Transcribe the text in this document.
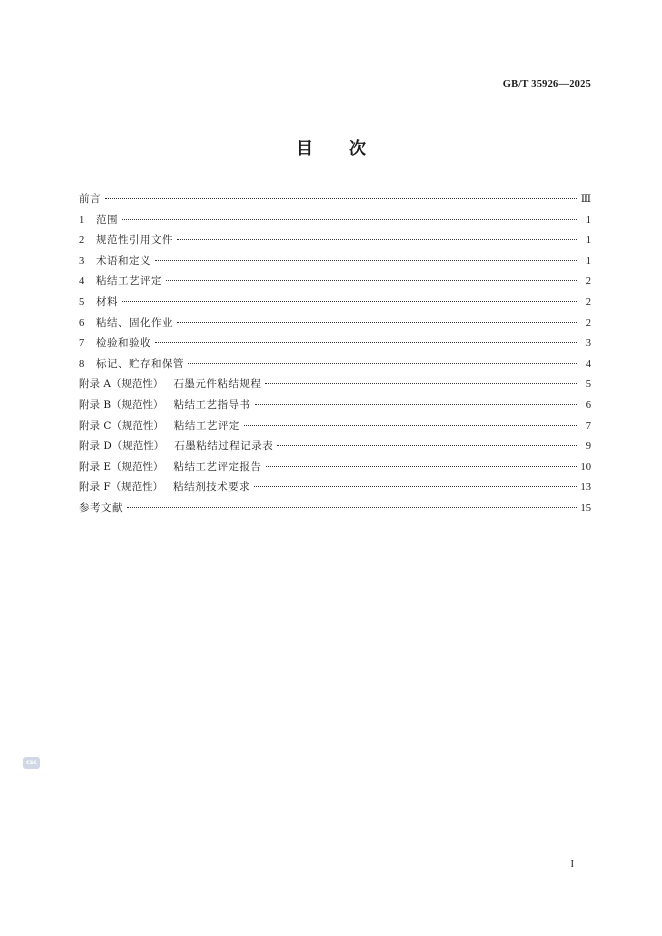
GB/T 35926—2025
目次
前言	Ⅲ
1	范围	1
2	规范性引用文件	1
3	术语和定义	1
4	粘结工艺评定	2
5	材料	2
6	粘结、固化作业	2
7	检验和验收	3
8	标记、贮存和保管	4
附录 A（规范性） 石墨元件粘结规程	5
附录 B（规范性） 粘结工艺指导书	6
附录 C（规范性） 粘结工艺评定	7
附录 D（规范性） 石墨粘结过程记录表	9
附录 E（规范性） 粘结工艺评定报告	10
附录 F（规范性） 粘结剂技术要求	13
参考文献	15
csc
I
